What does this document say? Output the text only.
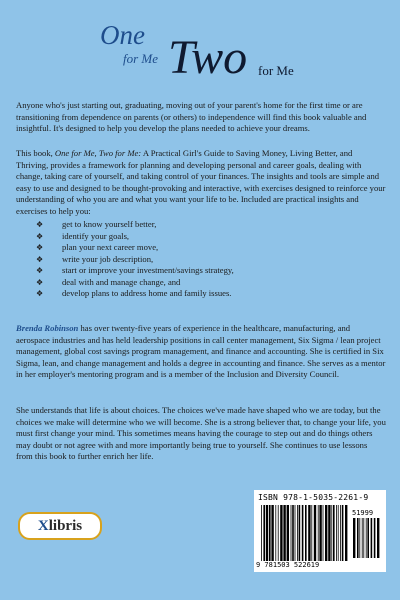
One
for Me Two for Me

Anyone who's just starting out, graduating, moving out of your parent's home for the first time or are transitioning from dependence on parents (or others) to independence will find this book valuable and insightful. It's designed to help you develop the plans needed to achieve your dreams.

This book, One for Me, Two for Me: A Practical Girl's Guide to Saving Money, Living Better, and Thriving, provides a framework for planning and developing personal and career goals, dealing with change, taking care of yourself, and taking control of your finances. The insights and tools are simple and easy to use and designed to be thought-provoking and interactive, with exercises designed to reinforce your understanding of who you are and what you want your life to be. Included are practical insights and exercises to help you:

❖ get to know yourself better,
❖ identify your goals,
❖ plan your next career move,
❖ write your job description,
❖ start or improve your investment/savings strategy,
❖ deal with and manage change, and
❖ develop plans to address home and family issues.

Brenda Robinson has over twenty-five years of experience in the healthcare, manufacturing, and aerospace industries and has held leadership positions in call center management, Six Sigma / lean project management, global cost savings program management, and finance and accounting. She is certified in Six Sigma, lean, and change management and holds a degree in accounting and finance. She serves as a mentor in her employer's mentoring program and is a member of the Inclusion and Diversity Council.

She understands that life is about choices. The choices we've made have shaped who we are today, but the choices we make will determine who we will become. She is a strong believer that, to change your life, you must first change your mind. This sometimes means having the courage to step out and do things others may doubt or not agree with and more importantly being true to yourself. She continues to use lessons from this book to further enrich her life.

X libris
ISBN 978-1-5035-2261-9
51999
9 781503 522619
